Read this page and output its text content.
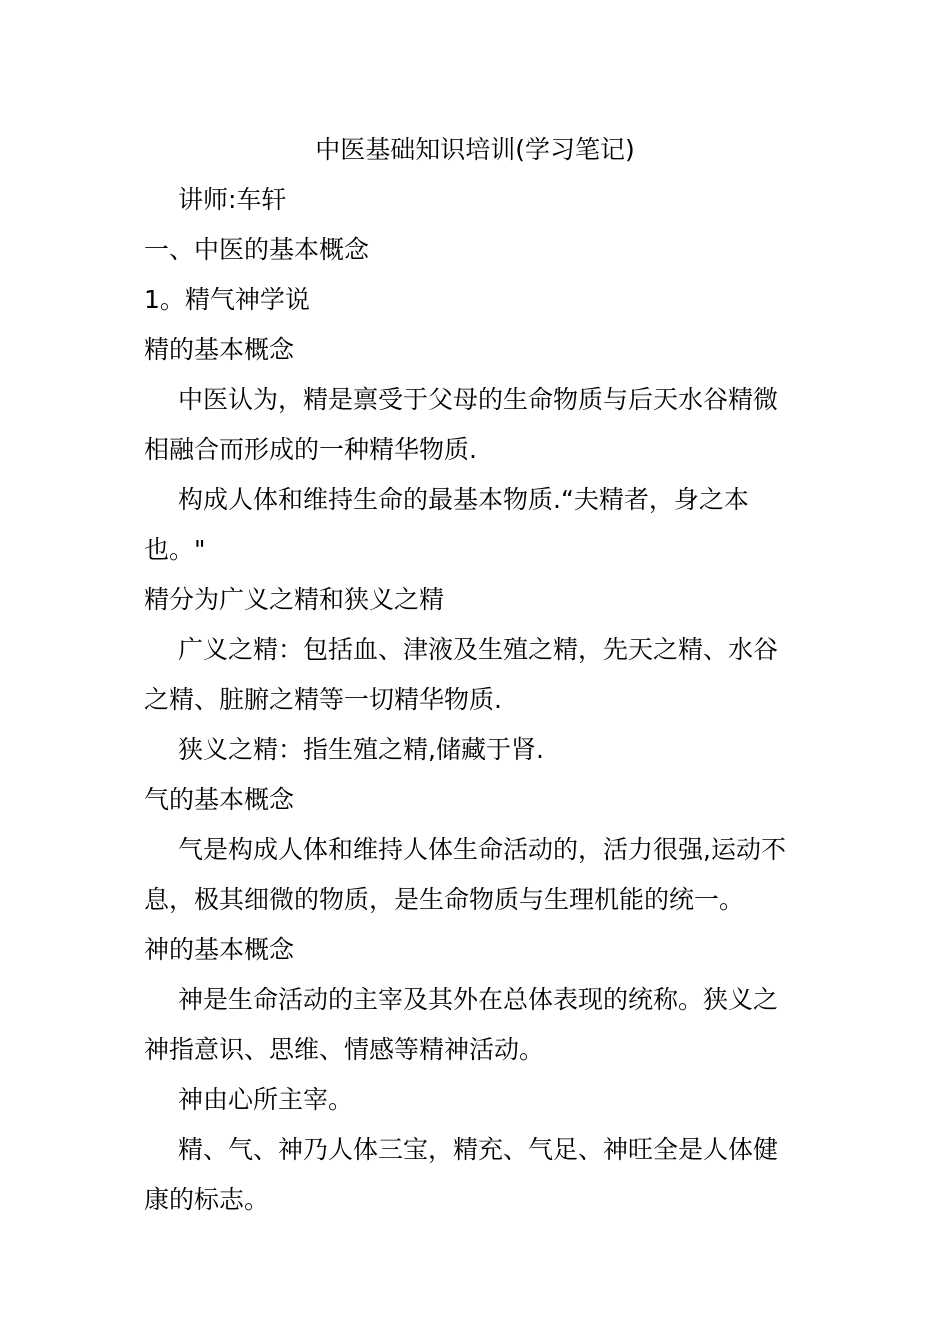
中医基础知识培训(学习笔记)
讲师:车轩
一、中医的基本概念
1。精气神学说
精的基本概念
中医认为，精是禀受于父母的生命物质与后天水谷精微
相融合而形成的一种精华物质.
构成人体和维持生命的最基本物质.“夫精者，身之本
也。"
精分为广义之精和狭义之精
广义之精：包括血、津液及生殖之精，先天之精、水谷
之精、脏腑之精等一切精华物质.
狭义之精：指生殖之精,储藏于肾.
气的基本概念
气是构成人体和维持人体生命活动的，活力很强,运动不
息，极其细微的物质，是生命物质与生理机能的统一。
神的基本概念
神是生命活动的主宰及其外在总体表现的统称。狭义之
神指意识、思维、情感等精神活动。
神由心所主宰。
精、气、神乃人体三宝，精充、气足、神旺全是人体健
康的标志。
